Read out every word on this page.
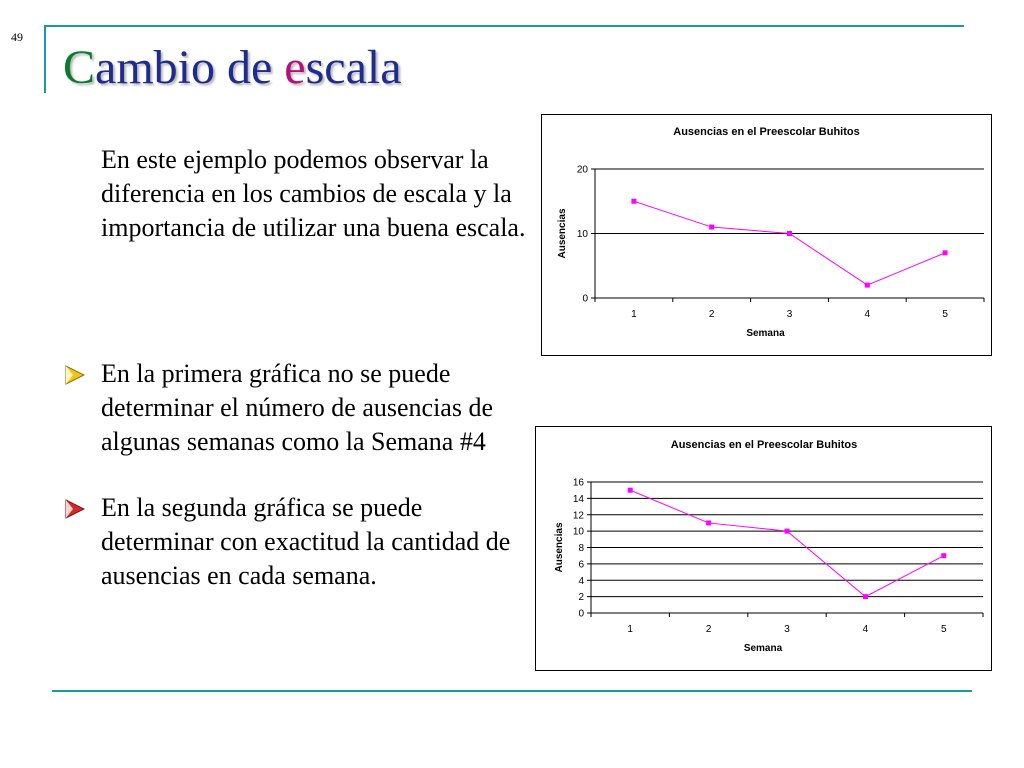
49
Cambio de escala

En este ejemplo podemos observar la diferencia en los cambios de escala y la importancia de utilizar una buena escala.

En la primera gráfica no se puede determinar el número de ausencias de algunas semanas como la Semana #4
En la segunda gráfica se puede determinar con exactitud la cantidad de ausencias en cada semana.
Ausencias en el Preescolar Buhitos
0
10
20
1	2	3	4	5
Semana
Ausencias
Ausencias en el Preescolar Buhitos
0
2
4
6
8
10
12
14
16
1	2	3	4	5
Semana
Ausencias
